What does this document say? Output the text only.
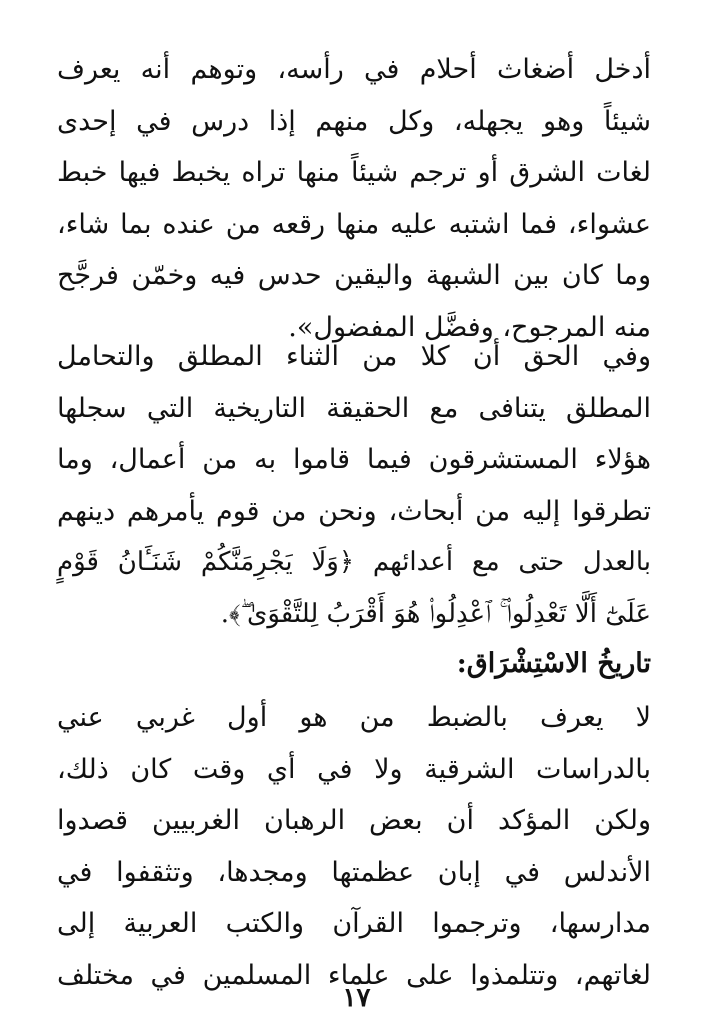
أدخل أضغاث أحلام في رأسه، وتوهم أنه يعرف
شيئاً وهو يجهله، وكل منهم إذا درس في إحدى
لغات الشرق أو ترجم شيئاً منها تراه يخبط فيها خبط
عشواء، فما اشتبه عليه منها رقعه من عنده بما شاء،
وما كان بين الشبهة واليقين حدس فيه وخمّن فرجَّح
منه المرجوح، وفضَّل المفضول».
وفي الحق أن كلا من الثناء المطلق والتحامل
المطلق يتنافى مع الحقيقة التاريخية التي سجلها
هؤلاء المستشرقون فيما قاموا به من أعمال، وما
تطرقوا إليه من أبحاث، ونحن من قوم يأمرهم دينهم
بالعدل حتى مع أعدائهم ﴿وَلَا يَجْرِمَنَّكُمْ شَنَـَٔانُ قَوْمٍ
عَلَىٰٓ أَلَّا تَعْدِلُوا۟ ۚ ٱعْدِلُوا۟ هُوَ أَقْرَبُ لِلتَّقْوَىٰ ۖ﴾.
تاريخُ الاسْتِشْرَاق:
لا يعرف بالضبط من هو أول غربي عني
بالدراسات الشرقية ولا في أي وقت كان ذلك،
ولكن المؤكد أن بعض الرهبان الغربيين قصدوا
الأندلس في إبان عظمتها ومجدها، وتثقفوا في
مدارسها، وترجموا القرآن والكتب العربية إلى
لغاتهم، وتتلمذوا على علماء المسلمين في مختلف
١٧
